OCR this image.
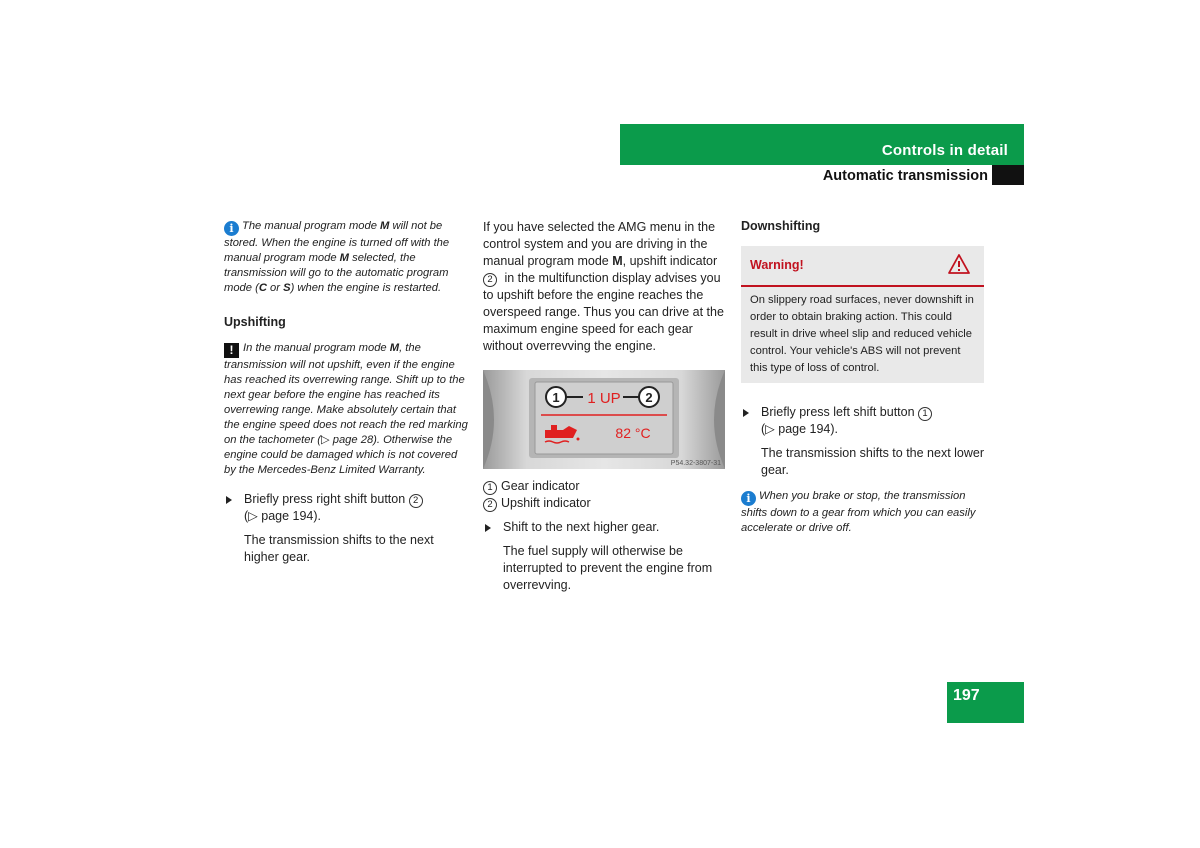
Controls in detail
Automatic transmission

i The manual program mode M will not be stored. When the engine is turned off with the manual program mode M selected, the transmission will go to the automatic program mode (C or S) when the engine is restarted.

Upshifting

! In the manual program mode M, the transmission will not upshift, even if the engine has reached its overrewing range. Shift up to the next gear before the engine has reached its overrewing range. Make absolutely certain that the engine speed does not reach the red marking on the tachometer (▷ page 28). Otherwise the engine could be damaged which is not covered by the Mercedes-Benz Limited Warranty.

Briefly press right shift button 2
(▷ page 194).

The transmission shifts to the next higher gear.

If you have selected the AMG menu in the control system and you are driving in the manual program mode M, upshift indicator 2 in the multifunction display advises you to upshift before the engine reaches the overspeed range. Thus you can drive at the maximum engine speed for each gear without overrevving the engine.

1 1 UP 2
82 °C
P54.32-3807-31
1 Gear indicator
2 Upshift indicator

Shift to the next higher gear.

The fuel supply will otherwise be interrupted to prevent the engine from overrevving.

Downshifting

Warning!
On slippery road surfaces, never downshift in order to obtain braking action. This could result in drive wheel slip and reduced vehicle control. Your vehicle's ABS will not prevent this type of loss of control.

Briefly press left shift button 1
(▷ page 194).

The transmission shifts to the next lower gear.

i When you brake or stop, the transmission shifts down to a gear from which you can easily accelerate or drive off.

197
